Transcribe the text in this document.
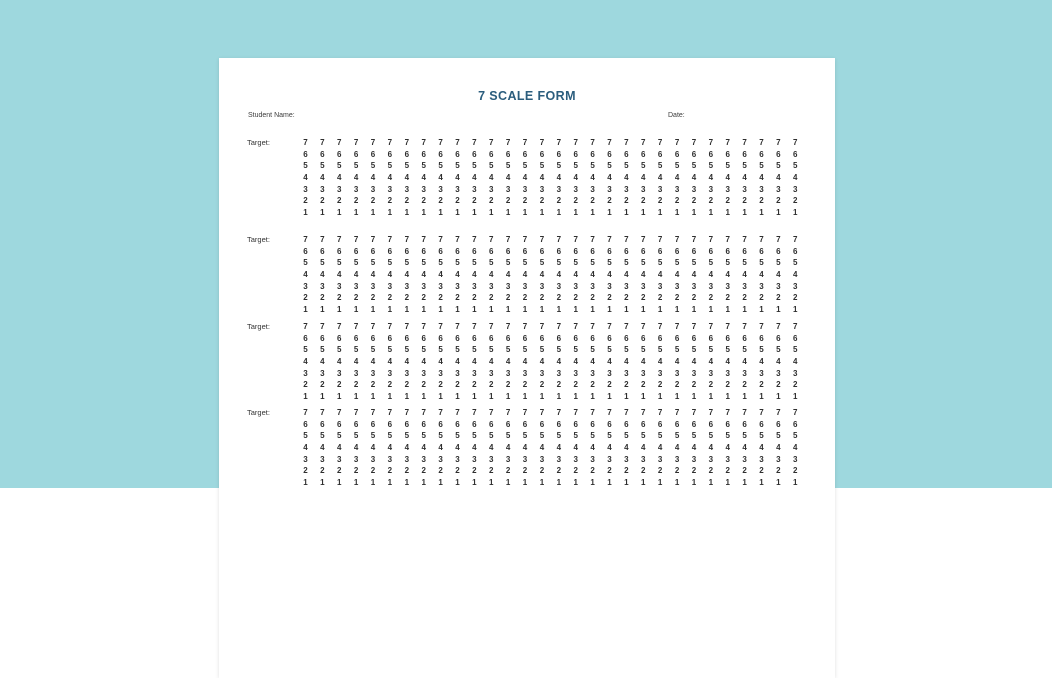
7 SCALE FORM
Student Name:	Date:
Target:	7	7	7	7	7	7	7	7	7	7	7	7	7	7	7	7	7	7	7	7	7	7	7	7	7	7	7	7	7	7
6	6	6	6	6	6	6	6	6	6	6	6	6	6	6	6	6	6	6	6	6	6	6	6	6	6	6	6	6	6
5	5	5	5	5	5	5	5	5	5	5	5	5	5	5	5	5	5	5	5	5	5	5	5	5	5	5	5	5	5
4	4	4	4	4	4	4	4	4	4	4	4	4	4	4	4	4	4	4	4	4	4	4	4	4	4	4	4	4	4
3	3	3	3	3	3	3	3	3	3	3	3	3	3	3	3	3	3	3	3	3	3	3	3	3	3	3	3	3	3
2	2	2	2	2	2	2	2	2	2	2	2	2	2	2	2	2	2	2	2	2	2	2	2	2	2	2	2	2	2
1	1	1	1	1	1	1	1	1	1	1	1	1	1	1	1	1	1	1	1	1	1	1	1	1	1	1	1	1	1
Target:	7	7	7	7	7	7	7	7	7	7	7	7	7	7	7	7	7	7	7	7	7	7	7	7	7	7	7	7	7	7
6	6	6	6	6	6	6	6	6	6	6	6	6	6	6	6	6	6	6	6	6	6	6	6	6	6	6	6	6	6
5	5	5	5	5	5	5	5	5	5	5	5	5	5	5	5	5	5	5	5	5	5	5	5	5	5	5	5	5	5
4	4	4	4	4	4	4	4	4	4	4	4	4	4	4	4	4	4	4	4	4	4	4	4	4	4	4	4	4	4
3	3	3	3	3	3	3	3	3	3	3	3	3	3	3	3	3	3	3	3	3	3	3	3	3	3	3	3	3	3
2	2	2	2	2	2	2	2	2	2	2	2	2	2	2	2	2	2	2	2	2	2	2	2	2	2	2	2	2	2
1	1	1	1	1	1	1	1	1	1	1	1	1	1	1	1	1	1	1	1	1	1	1	1	1	1	1	1	1	1
Target:	7	7	7	7	7	7	7	7	7	7	7	7	7	7	7	7	7	7	7	7	7	7	7	7	7	7	7	7	7	7
6	6	6	6	6	6	6	6	6	6	6	6	6	6	6	6	6	6	6	6	6	6	6	6	6	6	6	6	6	6
5	5	5	5	5	5	5	5	5	5	5	5	5	5	5	5	5	5	5	5	5	5	5	5	5	5	5	5	5	5
4	4	4	4	4	4	4	4	4	4	4	4	4	4	4	4	4	4	4	4	4	4	4	4	4	4	4	4	4	4
3	3	3	3	3	3	3	3	3	3	3	3	3	3	3	3	3	3	3	3	3	3	3	3	3	3	3	3	3	3
2	2	2	2	2	2	2	2	2	2	2	2	2	2	2	2	2	2	2	2	2	2	2	2	2	2	2	2	2	2
1	1	1	1	1	1	1	1	1	1	1	1	1	1	1	1	1	1	1	1	1	1	1	1	1	1	1	1	1	1
Target:	7	7	7	7	7	7	7	7	7	7	7	7	7	7	7	7	7	7	7	7	7	7	7	7	7	7	7	7	7	7
6	6	6	6	6	6	6	6	6	6	6	6	6	6	6	6	6	6	6	6	6	6	6	6	6	6	6	6	6	6
5	5	5	5	5	5	5	5	5	5	5	5	5	5	5	5	5	5	5	5	5	5	5	5	5	5	5	5	5	5
4	4	4	4	4	4	4	4	4	4	4	4	4	4	4	4	4	4	4	4	4	4	4	4	4	4	4	4	4	4
3	3	3	3	3	3	3	3	3	3	3	3	3	3	3	3	3	3	3	3	3	3	3	3	3	3	3	3	3	3
2	2	2	2	2	2	2	2	2	2	2	2	2	2	2	2	2	2	2	2	2	2	2	2	2	2	2	2	2	2
1	1	1	1	1	1	1	1	1	1	1	1	1	1	1	1	1	1	1	1	1	1	1	1	1	1	1	1	1	1
